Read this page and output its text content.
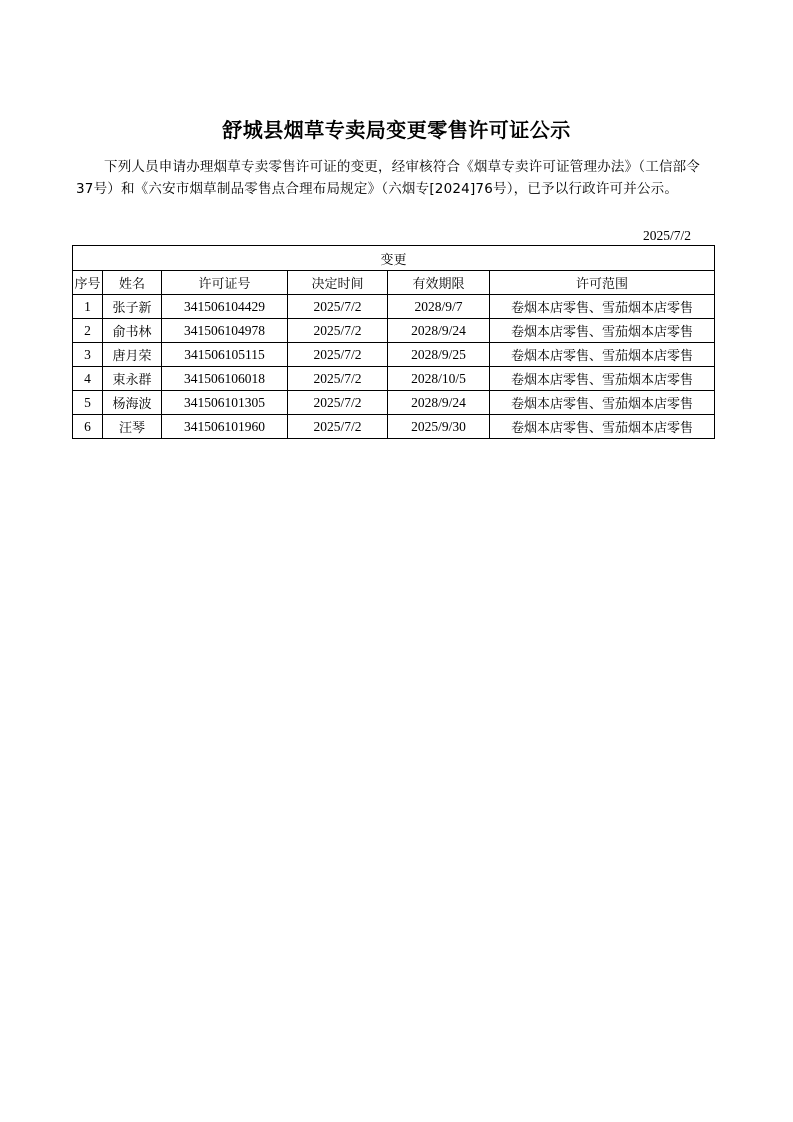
舒城县烟草专卖局变更零售许可证公示
下列人员申请办理烟草专卖零售许可证的变更，经审核符合《烟草专卖许可证管理办法》（工信部令37号）和《六安市烟草制品零售点合理布局规定》（六烟专[2024]76号），已予以行政许可并公示。
2025/7/2
变更					
序号	姓名	许可证号	决定时间	有效期限	许可范围
1	张子新	341506104429	2025/7/2	2028/9/7	卷烟本店零售、雪茄烟本店零售
2	俞书林	341506104978	2025/7/2	2028/9/24	卷烟本店零售、雪茄烟本店零售
3	唐月荣	341506105115	2025/7/2	2028/9/25	卷烟本店零售、雪茄烟本店零售
4	束永群	341506106018	2025/7/2	2028/10/5	卷烟本店零售、雪茄烟本店零售
5	杨海波	341506101305	2025/7/2	2028/9/24	卷烟本店零售、雪茄烟本店零售
6	汪琴	341506101960	2025/7/2	2025/9/30	卷烟本店零售、雪茄烟本店零售
